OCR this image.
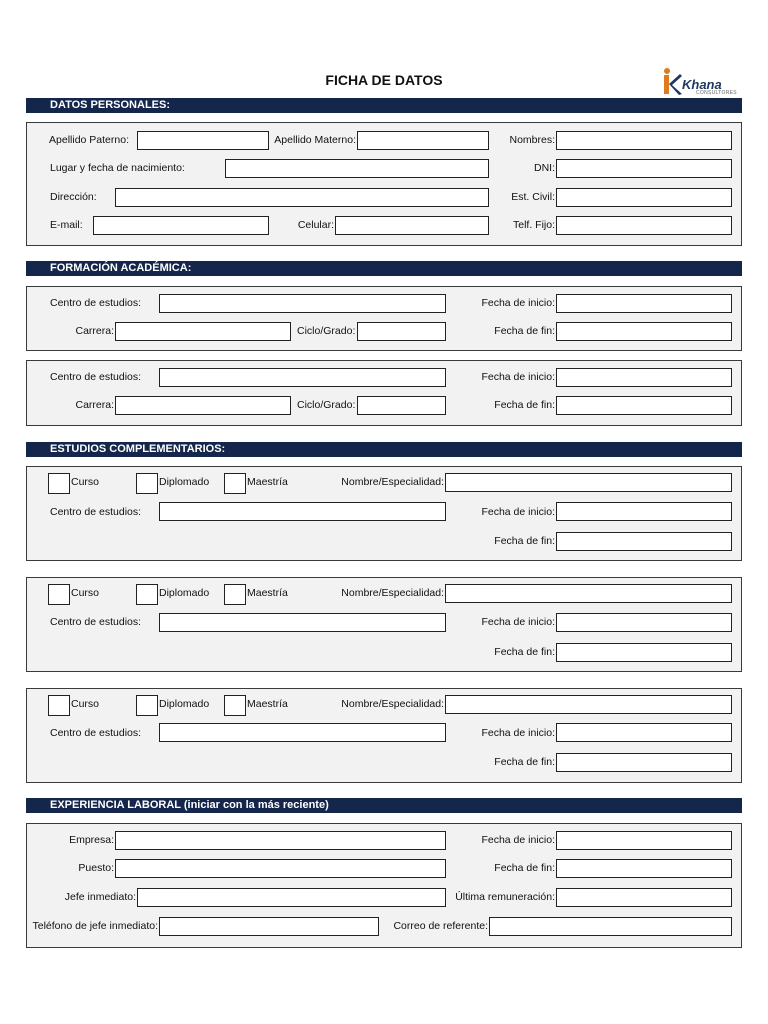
FICHA DE DATOS	Khana
CONSULTORES
DATOS PERSONALES:
Apellido Paterno:	Apellido Materno:	Nombres:
Lugar y fecha de nacimiento:	DNI:
Dirección:	Est. Civil:
E-mail:	Celular:	Telf. Fijo:
FORMACIÓN ACADÉMICA:
Centro de estudios:	Fecha de inicio:
Carrera:	Ciclo/Grado:	Fecha de fin:
Centro de estudios:	Fecha de inicio:
Carrera:	Ciclo/Grado:	Fecha de fin:
ESTUDIOS COMPLEMENTARIOS:
Curso	Diplomado	Maestría	Nombre/Especialidad:
Centro de estudios:	Fecha de inicio:
Fecha de fin:
Curso	Diplomado	Maestría	Nombre/Especialidad:
Centro de estudios:	Fecha de inicio:
Fecha de fin:
Curso	Diplomado	Maestría	Nombre/Especialidad:
Centro de estudios:	Fecha de inicio:
Fecha de fin:
EXPERIENCIA LABORAL (iniciar con la más reciente)
Empresa:	Fecha de inicio:
Puesto:	Fecha de fin:
Jefe inmediato:	Última remuneración:
Teléfono de jefe inmediato:	Correo de referente:
